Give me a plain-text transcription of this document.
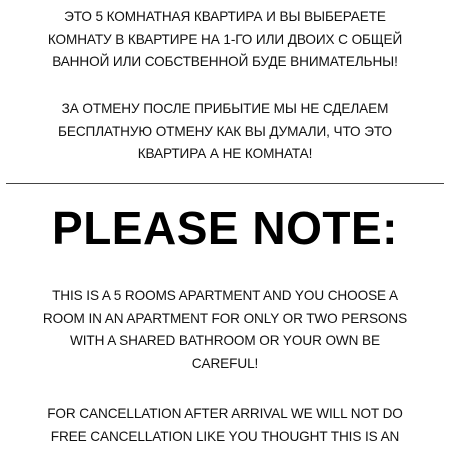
ЭТО 5 КОМНАТНАЯ КВАРТИРА И ВЫ ВЫБЕРАЕТЕ
КОМНАТУ В КВАРТИРЕ НА 1-ГО ИЛИ ДВОИХ С ОБЩЕЙ
ВАННОЙ ИЛИ СОБСТВЕННОЙ БУДЕ ВНИМАТЕЛЬНЫ!

ЗА ОТМЕНУ ПОСЛЕ ПРИБЫТИЕ МЫ НЕ СДЕЛАЕМ
БЕСПЛАТНУЮ ОТМЕНУ КАК ВЫ ДУМАЛИ, ЧТО ЭТО
КВАРТИРА А НЕ КОМНАТА!

PLEASE NOTE:

THIS IS A 5 ROOMS APARTMENT AND YOU CHOOSE A
ROOM IN AN APARTMENT FOR ONLY OR TWO PERSONS
WITH A SHARED BATHROOM OR YOUR OWN BE
CAREFUL!

FOR CANCELLATION AFTER ARRIVAL WE WILL NOT DO
FREE CANCELLATION LIKE YOU THOUGHT THIS IS AN
